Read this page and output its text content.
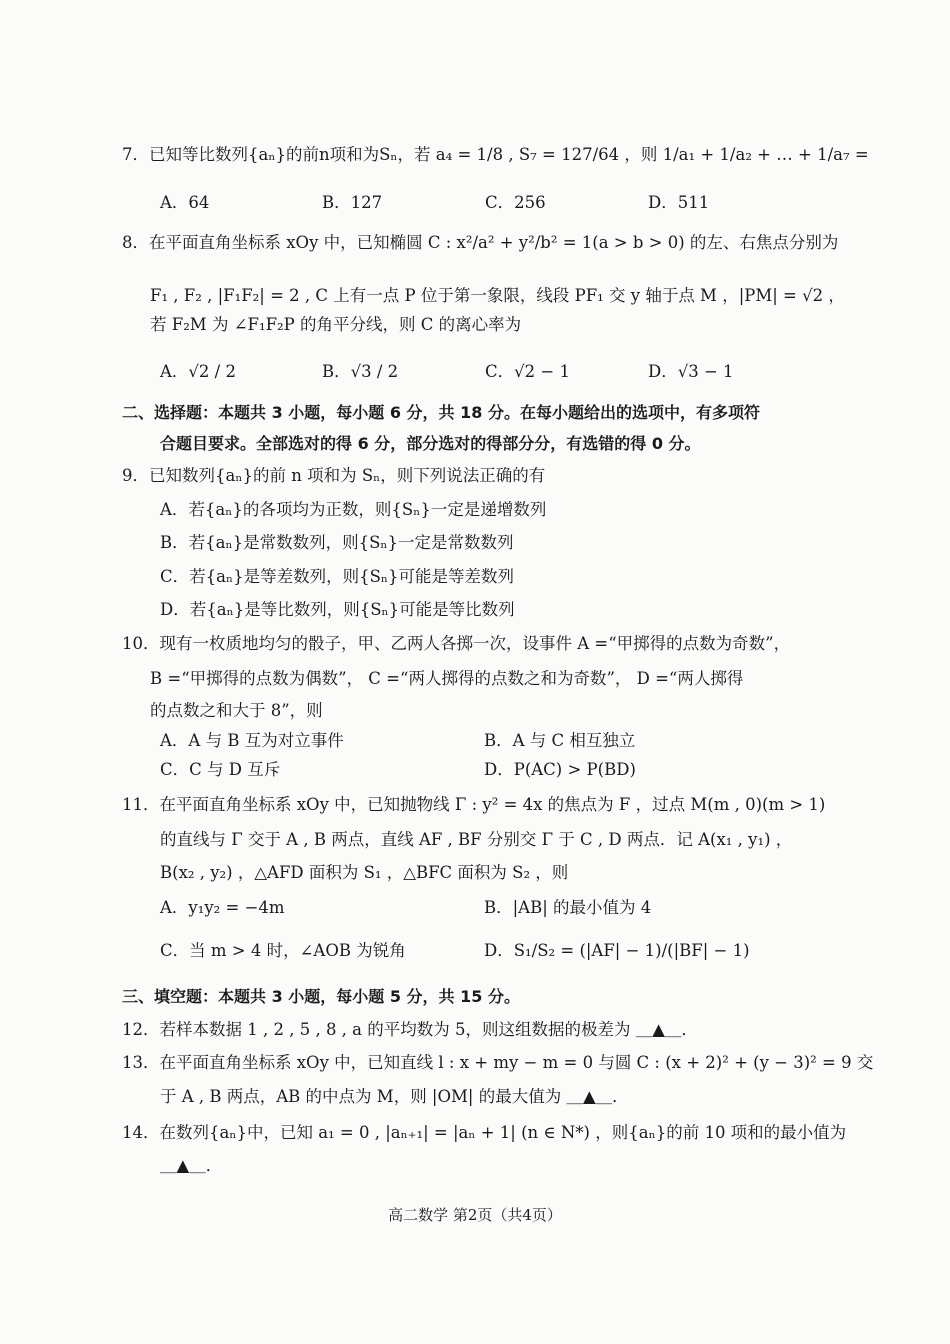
7．已知等比数列{aₙ}的前n项和为Sₙ，若 a₄ = 1/8 , S₇ = 127/64 ，则 1/a₁ + 1/a₂ + … + 1/a₇ =
A．64	B．127	C．256	D．511
8．在平面直角坐标系 xOy 中，已知椭圆 C : x²/a² + y²/b² = 1(a > b > 0) 的左、右焦点分别为
F₁ , F₂ , |F₁F₂| = 2 , C 上有一点 P 位于第一象限，线段 PF₁ 交 y 轴于点 M ，|PM| = √2 ，
若 F₂M 为 ∠F₁F₂P 的角平分线，则 C 的离心率为
A．√2 / 2	B．√3 / 2	C．√2 − 1	D．√3 − 1
二、选择题：本题共 3 小题，每小题 6 分，共 18 分。在每小题给出的选项中，有多项符
合题目要求。全部选对的得 6 分，部分选对的得部分分，有选错的得 0 分。
9．已知数列{aₙ}的前 n 项和为 Sₙ，则下列说法正确的有
A．若{aₙ}的各项均为正数，则{Sₙ}一定是递增数列
B．若{aₙ}是常数数列，则{Sₙ}一定是常数数列
C．若{aₙ}是等差数列，则{Sₙ}可能是等差数列
D．若{aₙ}是等比数列，则{Sₙ}可能是等比数列
10．现有一枚质地均匀的骰子，甲、乙两人各掷一次，设事件 A =“甲掷得的点数为奇数”，
B =“甲掷得的点数为偶数”， C =“两人掷得的点数之和为奇数”， D =“两人掷得
的点数之和大于 8”，则
A．A 与 B 互为对立事件	B．A 与 C 相互独立
C．C 与 D 互斥	D．P(AC) > P(BD)
11．在平面直角坐标系 xOy 中，已知抛物线 Γ : y² = 4x 的焦点为 F ，过点 M(m , 0)(m > 1)
的直线与 Γ 交于 A , B 两点，直线 AF , BF 分别交 Γ 于 C , D 两点．记 A(x₁ , y₁) ，
B(x₂ , y₂) ，△AFD 面积为 S₁ ，△BFC 面积为 S₂ ，则
A．y₁y₂ = −4m	B．|AB| 的最小值为 4
C．当 m > 4 时，∠AOB 为锐角	D．S₁/S₂ = (|AF| − 1)/(|BF| − 1)
三、填空题：本题共 3 小题，每小题 5 分，共 15 分。
12．若样本数据 1 , 2 , 5 , 8 , a 的平均数为 5，则这组数据的极差为 ＿▲＿．
13．在平面直角坐标系 xOy 中，已知直线 l : x + my − m = 0 与圆 C : (x + 2)² + (y − 3)² = 9 交
于 A , B 两点，AB 的中点为 M，则 |OM| 的最大值为 ＿▲＿．
14．在数列{aₙ}中，已知 a₁ = 0 , |aₙ₊₁| = |aₙ + 1| (n ∈ N*) ，则{aₙ}的前 10 项和的最小值为
＿▲＿．
高二数学 第2页（共4页）
